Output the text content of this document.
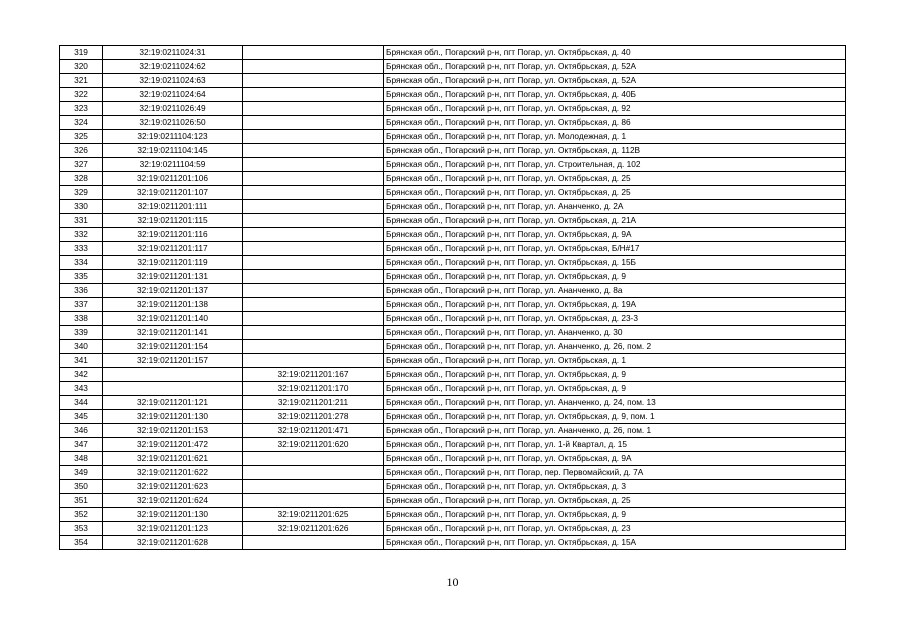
319	32:19:0211024:31		Брянская обл., Погарский р-н, пгт Погар, ул. Октябрьская, д. 40
320	32:19:0211024:62		Брянская обл., Погарский р-н, пгт Погар, ул. Октябрьская, д. 52А
321	32:19:0211024:63		Брянская обл., Погарский р-н, пгт Погар, ул. Октябрьская, д. 52А
322	32:19:0211024:64		Брянская обл., Погарский р-н, пгт Погар, ул. Октябрьская, д. 40Б
323	32:19:0211026:49		Брянская обл., Погарский р-н, пгт Погар, ул. Октябрьская, д. 92
324	32:19:0211026:50		Брянская обл., Погарский р-н, пгт Погар, ул. Октябрьская, д. 86
325	32:19:0211104:123		Брянская обл., Погарский р-н, пгт Погар, ул. Молодежная, д. 1
326	32:19:0211104:145		Брянская обл., Погарский р-н, пгт Погар, ул. Октябрьская, д. 112В
327	32:19:0211104:59		Брянская обл., Погарский р-н, пгт Погар, ул. Строительная, д. 102
328	32:19:0211201:106		Брянская обл., Погарский р-н, пгт Погар, ул. Октябрьская, д. 25
329	32:19:0211201:107		Брянская обл., Погарский р-н, пгт Погар, ул. Октябрьская, д. 25
330	32:19:0211201:111		Брянская обл., Погарский р-н, пгт Погар, ул. Ананченко, д. 2А
331	32:19:0211201:115		Брянская обл., Погарский р-н, пгт Погар, ул. Октябрьская, д. 21А
332	32:19:0211201:116		Брянская обл., Погарский р-н, пгт Погар, ул. Октябрьская, д. 9А
333	32:19:0211201:117		Брянская обл., Погарский р-н, пгт Погар, ул. Октябрьская, Б/Н#17
334	32:19:0211201:119		Брянская обл., Погарский р-н, пгт Погар, ул. Октябрьская, д. 15Б
335	32:19:0211201:131		Брянская обл., Погарский р-н, пгт Погар, ул. Октябрьская, д. 9
336	32:19:0211201:137		Брянская обл., Погарский р-н, пгт Погар, ул. Ананченко, д. 8а
337	32:19:0211201:138		Брянская обл., Погарский р-н, пгт Погар, ул. Октябрьская, д. 19А
338	32:19:0211201:140		Брянская обл., Погарский р-н, пгт Погар, ул. Октябрьская, д. 23-3
339	32:19:0211201:141		Брянская обл., Погарский р-н, пгт Погар, ул. Ананченко, д. 30
340	32:19:0211201:154		Брянская обл., Погарский р-н, пгт Погар, ул. Ананченко, д. 26, пом. 2
341	32:19:0211201:157		Брянская обл., Погарский р-н, пгт Погар, ул. Октябрьская, д. 1
342		32:19:0211201:167	Брянская обл., Погарский р-н, пгт Погар, ул. Октябрьская, д. 9
343		32:19:0211201:170	Брянская обл., Погарский р-н, пгт Погар, ул. Октябрьская, д. 9
344	32:19:0211201:121	32:19:0211201:211	Брянская обл., Погарский р-н, пгт Погар, ул. Ананченко, д. 24, пом. 13
345	32:19:0211201:130	32:19:0211201:278	Брянская обл., Погарский р-н, пгт Погар, ул. Октябрьская, д. 9, пом. 1
346	32:19:0211201:153	32:19:0211201:471	Брянская обл., Погарский р-н, пгт Погар, ул. Ананченко, д. 26, пом. 1
347	32:19:0211201:472	32:19:0211201:620	Брянская обл., Погарский р-н, пгт Погар, ул. 1-й Квартал, д. 15
348	32:19:0211201:621		Брянская обл., Погарский р-н, пгт Погар, ул. Октябрьская, д. 9А
349	32:19:0211201:622		Брянская обл., Погарский р-н, пгт Погар, пер. Первомайский, д. 7А
350	32:19:0211201:623		Брянская обл., Погарский р-н, пгт Погар, ул. Октябрьская, д. 3
351	32:19:0211201:624		Брянская обл., Погарский р-н, пгт Погар, ул. Октябрьская, д. 25
352	32:19:0211201:130	32:19:0211201:625	Брянская обл., Погарский р-н, пгт Погар, ул. Октябрьская, д. 9
353	32:19:0211201:123	32:19:0211201:626	Брянская обл., Погарский р-н, пгт Погар, ул. Октябрьская, д. 23
354	32:19:0211201:628		Брянская обл., Погарский р-н, пгт Погар, ул. Октябрьская, д. 15А
10
